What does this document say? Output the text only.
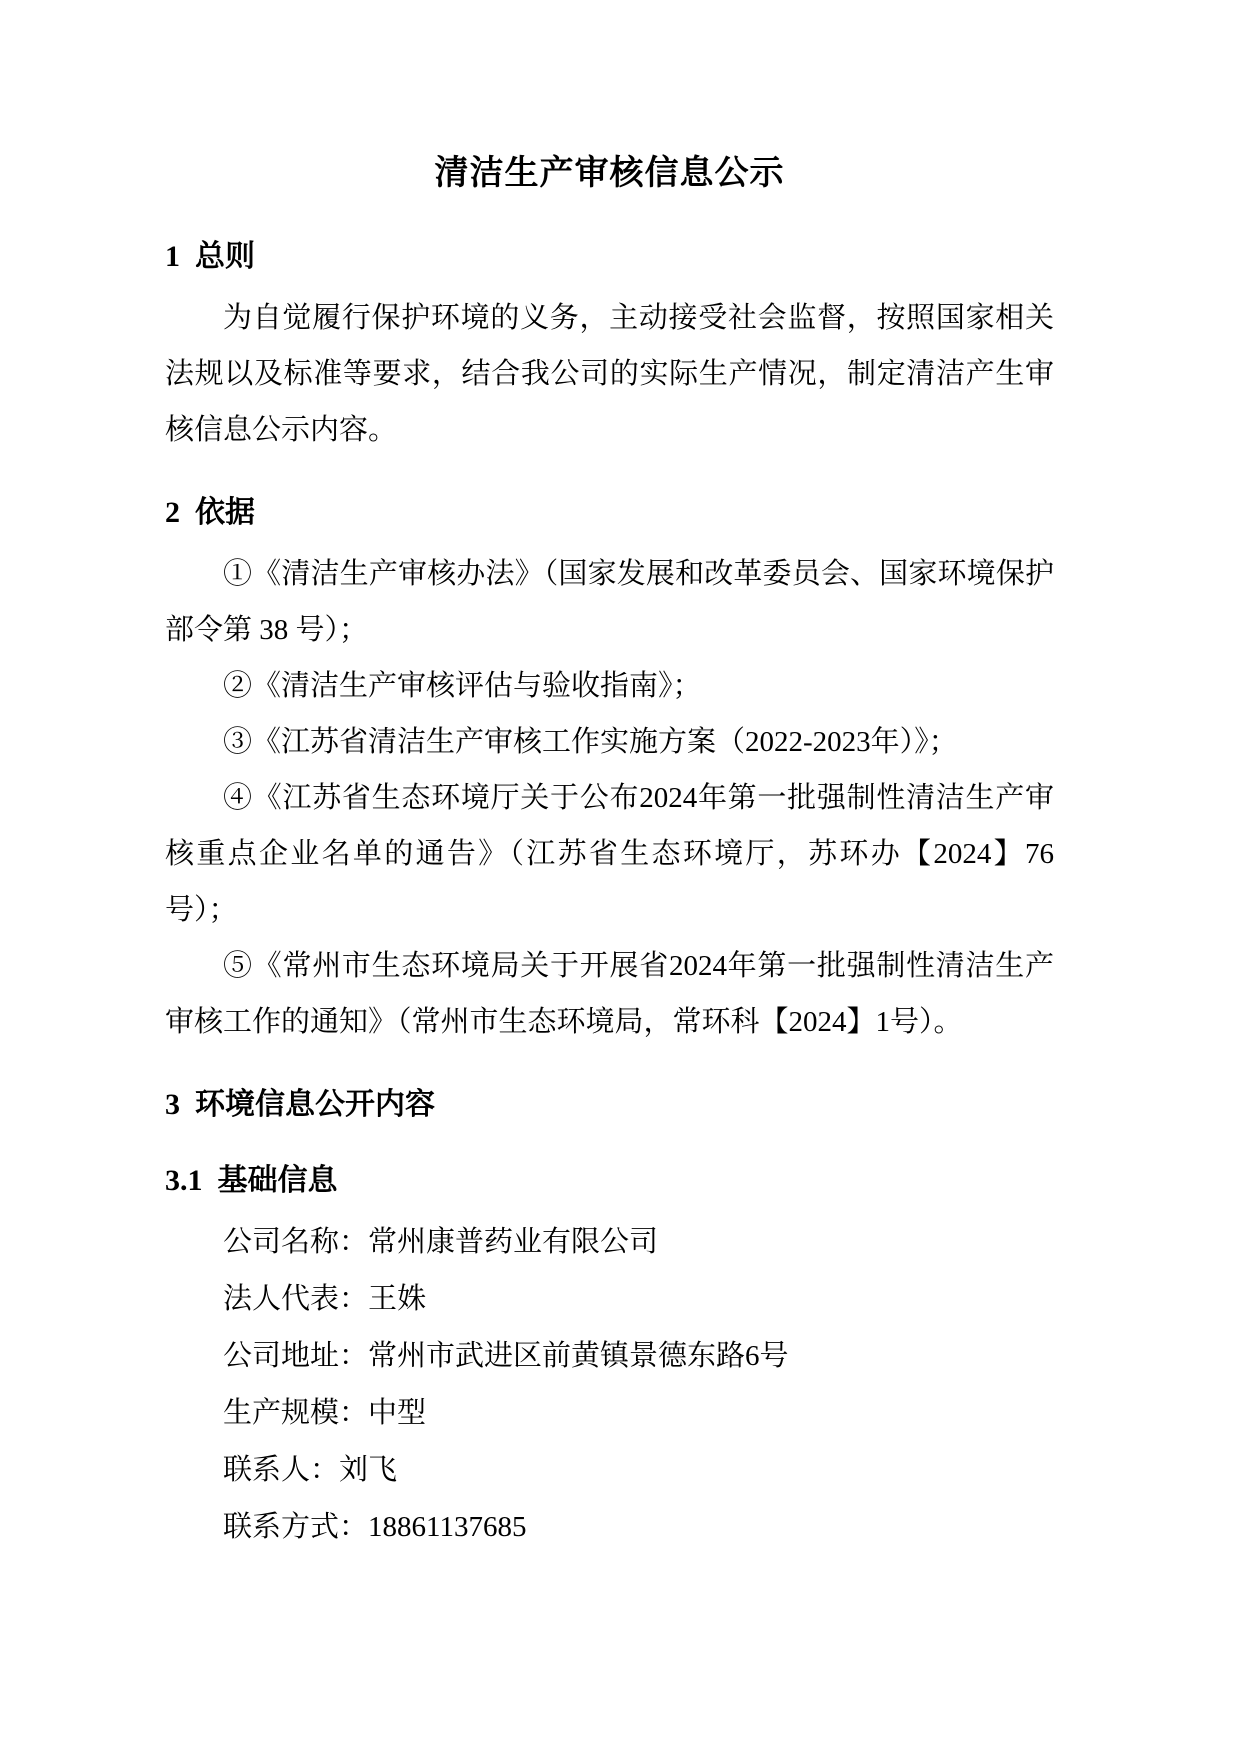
清洁生产审核信息公示
1  总则

为自觉履行保护环境的义务，主动接受社会监督，按照国家相关法规以及标准等要求，结合我公司的实际生产情况，制定清洁产生审核信息公示内容。

2  依据

①《清洁生产审核办法》（国家发展和改革委员会、国家环境保护部令第 38 号）；

②《清洁生产审核评估与验收指南》；

③《江苏省清洁生产审核工作实施方案（2022-2023年）》；

④《江苏省生态环境厅关于公布2024年第一批强制性清洁生产审核重点企业名单的通告》（江苏省生态环境厅，苏环办【2024】76号）；

⑤《常州市生态环境局关于开展省2024年第一批强制性清洁生产审核工作的通知》（常州市生态环境局，常环科【2024】1号）。

3  环境信息公开内容
3.1  基础信息

公司名称：常州康普药业有限公司

法人代表：王姝

公司地址：常州市武进区前黄镇景德东路6号

生产规模：中型

联系人：刘飞

联系方式：18861137685
